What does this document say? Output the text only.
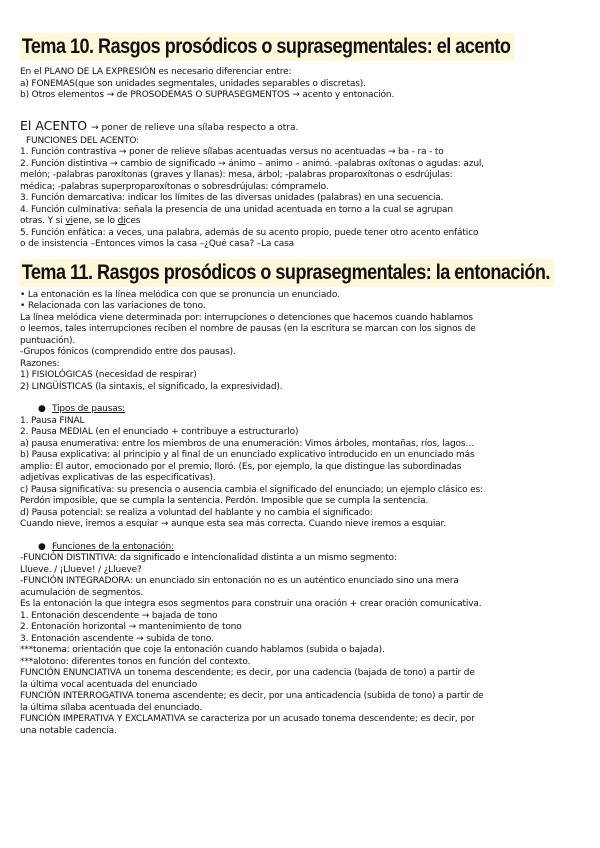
Tema 10. Rasgos prosódicos o suprasegmentales: el acento
En el PLANO DE LA EXPRESIÓN es necesario diferenciar entre:
a) FONEMAS(que son unidades segmentales, unidades separables o discretas).
b) Otros elementos → de PROSODEMAS O SUPRASEGMENTOS → acento y entonación.
El ACENTO → poner de relieve una sílaba respecto a otra.
FUNCIONES DEL ACENTO:
1. Función contrastiva → poner de relieve sílabas acentuadas versus no acentuadas → ba - ra - to
2. Función distintiva → cambio de significado → ánimo – animo – animó. -palabras oxítonas o agudas: azul,
melón; -palabras paroxítonas (graves y llanas): mesa, árbol; -palabras proparoxítonas o esdrújulas:
médica; -palabras superproparoxítonas o sobresdrújulas: cómpramelo.
3. Función demarcativa: indicar los límites de las diversas unidades (palabras) en una secuencia.
4. Función culminativa: señala la presencia de una unidad acentuada en torno a la cual se agrupan
otras. Y si viene, se lo dices
5. Función enfática: a veces, una palabra, además de su acento propio, puede tener otro acento enfático
o de insistencia –Entonces vimos la casa –¿Qué casa? –La casa
Tema 11. Rasgos prosódicos o suprasegmentales: la entonación.
• La entonación es la línea melódica con que se pronuncia un enunciado.
• Relacionada con las variaciones de tono.
La línea melódica viene determinada por: interrupciones o detenciones que hacemos cuando hablamos
o leemos, tales interrupciones reciben el nombre de pausas (en la escritura se marcan con los signos de
puntuación).
-Grupos fónicos (comprendido entre dos pausas).
Razones:
1) FISIOLÓGICAS (necesidad de respirar)
2) LINGÜÍSTICAS (la sintaxis, el significado, la expresividad).
● Tipos de pausas:
1. Pausa FINAL
2. Pausa MEDIAL (en el enunciado + contribuye a estructurarlo)
a) pausa enumerativa: entre los miembros de una enumeración: Vimos árboles, montañas, ríos, lagos…
b) Pausa explicativa: al principio y al final de un enunciado explicativo introducido en un enunciado más
amplio: El autor, emocionado por el premio, lloró. (Es, por ejemplo, la que distingue las subordinadas
adjetivas explicativas de las especificativas).
c) Pausa significativa: su presencia o ausencia cambia el significado del enunciado; un ejemplo clásico es:
Perdón imposible, que se cumpla la sentencia. Perdón. Imposible que se cumpla la sentencia.
d) Pausa potencial: se realiza a voluntad del hablante y no cambia el significado:
Cuando nieve, iremos a esquiar → aunque esta sea más correcta. Cuando nieve iremos a esquiar.
● Funciones de la entonación:
-FUNCIÓN DISTINTIVA: da significado e intencionalidad distinta a un mismo segmento:
Llueve. / ¡Llueve! / ¿Llueve?
-FUNCIÓN INTEGRADORA: un enunciado sin entonación no es un auténtico enunciado sino una mera
acumulación de segmentos.
Es la entonación la que integra esos segmentos para construir una oración + crear oración comunicativa.
1. Entonación descendente → bajada de tono
2. Entonación horizontal → mantenimiento de tono
3. Entonación ascendente → subida de tono.
***tonema: orientación que coje la entonación cuando hablamos (subida o bajada).
***alotono: diferentes tonos en función del contexto.
FUNCIÓN ENUNCIATIVA un tonema descendente; es decir, por una cadencia (bajada de tono) a partir de
la última vocal acentuada del enunciado
FUNCIÓN INTERROGATIVA tonema ascendente; es decir, por una anticadencia (subida de tono) a partir de
la última sílaba acentuada del enunciado.
FUNCIÓN IMPERATIVA Y EXCLAMATIVA se caracteriza por un acusado tonema descendente; es decir, por
una notable cadencia.
